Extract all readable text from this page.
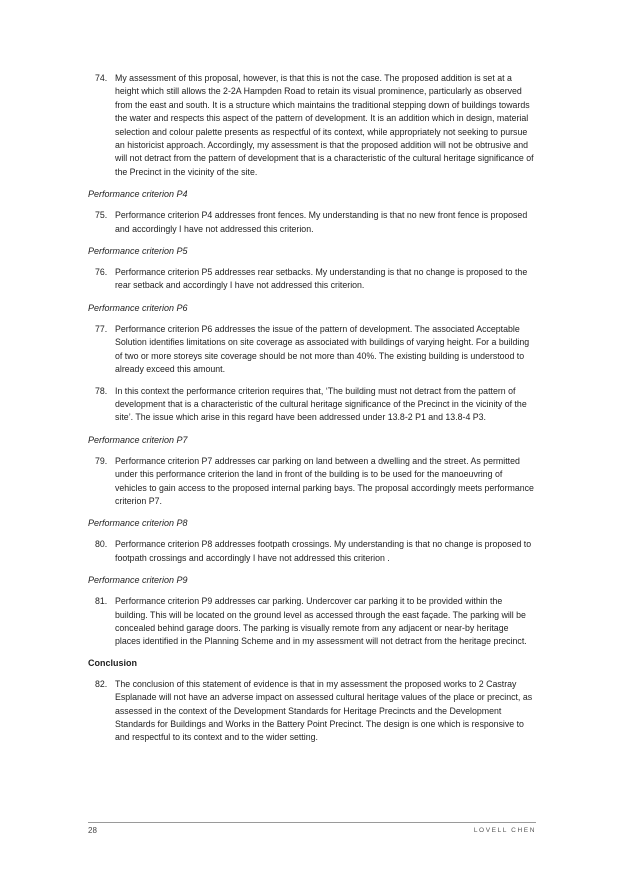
74. My assessment of this proposal, however, is that this is not the case. The proposed addition is set at a height which still allows the 2-2A Hampden Road to retain its visual prominence, particularly as observed from the east and south. It is a structure which maintains the traditional stepping down of buildings towards the water and respects this aspect of the pattern of development. It is an addition which in design, material selection and colour palette presents as respectful of its context, while appropriately not seeking to pursue an historicist approach. Accordingly, my assessment is that the proposed addition will not be obtrusive and will not detract from the pattern of development that is a characteristic of the cultural heritage significance of the Precinct in the vicinity of the site.
Performance criterion P4
75. Performance criterion P4 addresses front fences. My understanding is that no new front fence is proposed and accordingly I have not addressed this criterion.
Performance criterion P5
76. Performance criterion P5 addresses rear setbacks. My understanding is that no change is proposed to the rear setback and accordingly I have not addressed this criterion.
Performance criterion P6
77. Performance criterion P6 addresses the issue of the pattern of development. The associated Acceptable Solution identifies limitations on site coverage as associated with buildings of varying height. For a building of two or more storeys site coverage should be not more than 40%. The existing building is understood to already exceed this amount.
78. In this context the performance criterion requires that, ‘The building must not detract from the pattern of development that is a characteristic of the cultural heritage significance of the Precinct in the vicinity of the site’. The issue which arise in this regard have been addressed under 13.8-2 P1 and 13.8-4 P3.
Performance criterion P7
79. Performance criterion P7 addresses car parking on land between a dwelling and the street. As permitted under this performance criterion the land in front of the building is to be used for the manoeuvring of vehicles to gain access to the proposed internal parking bays. The proposal accordingly meets performance criterion P7.
Performance criterion P8
80. Performance criterion P8 addresses footpath crossings. My understanding is that no change is proposed to footpath crossings and accordingly I have not addressed this criterion .
Performance criterion P9
81. Performance criterion P9 addresses car parking. Undercover car parking it to be provided within the building. This will be located on the ground level as accessed through the east façade. The parking will be concealed behind garage doors. The parking is visually remote from any adjacent or near-by heritage places identified in the Planning Scheme and in my assessment will not detract from the heritage precinct.
Conclusion
82. The conclusion of this statement of evidence is that in my assessment the proposed works to 2 Castray Esplanade will not have an adverse impact on assessed cultural heritage values of the place or precinct, as assessed in the context of the Development Standards for Heritage Precincts and the Development Standards for Buildings and Works in the Battery Point Precinct. The design is one which is responsive to and respectful to its context and to the wider setting.
28	LOVELL CHEN
